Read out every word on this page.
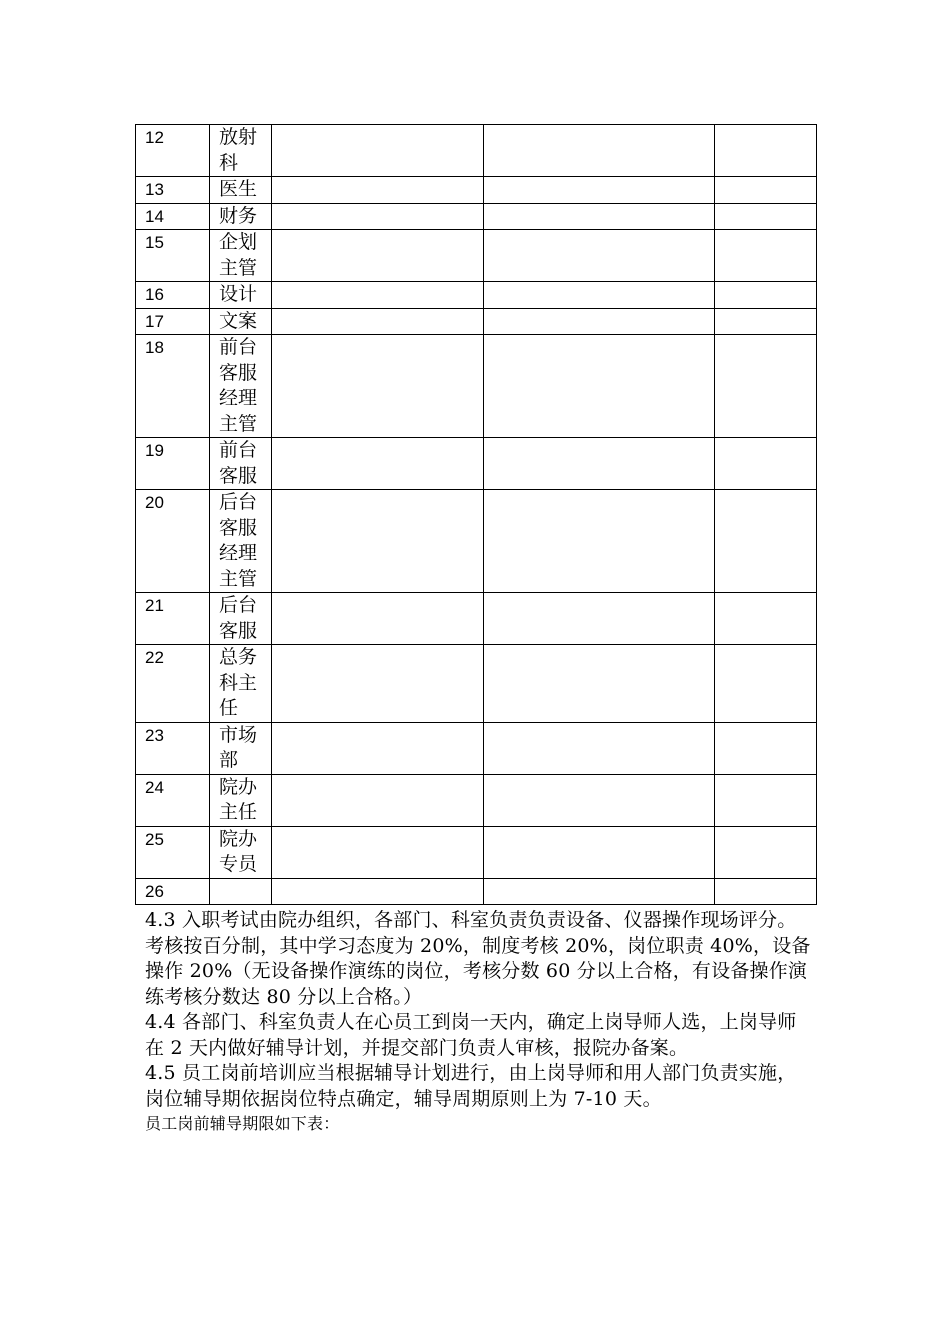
12	放射科			
13	医生			
14	财务			
15	企划主管			
16	设计			
17	文案			
18	前台客服经理主管			
19	前台客服			
20	后台客服经理主管			
21	后台客服			
22	总务科主任			
23	市场部			
24	院办主任			
25	院办专员			
26				

4.3 入职考试由院办组织，各部门、科室负责负责设备、仪器操作现场评分。考核按百分制，其中学习态度为 20%，制度考核 20%，岗位职责 40%，设备操作 20%（无设备操作演练的岗位，考核分数 60 分以上合格，有设备操作演练考核分数达 80 分以上合格。）

4.4 各部门、科室负责人在心员工到岗一天内，确定上岗导师人选，上岗导师在 2 天内做好辅导计划，并提交部门负责人审核，报院办备案。

4.5 员工岗前培训应当根据辅导计划进行，由上岗导师和用人部门负责实施，岗位辅导期依据岗位特点确定，辅导周期原则上为 7-10 天。

员工岗前辅导期限如下表：
